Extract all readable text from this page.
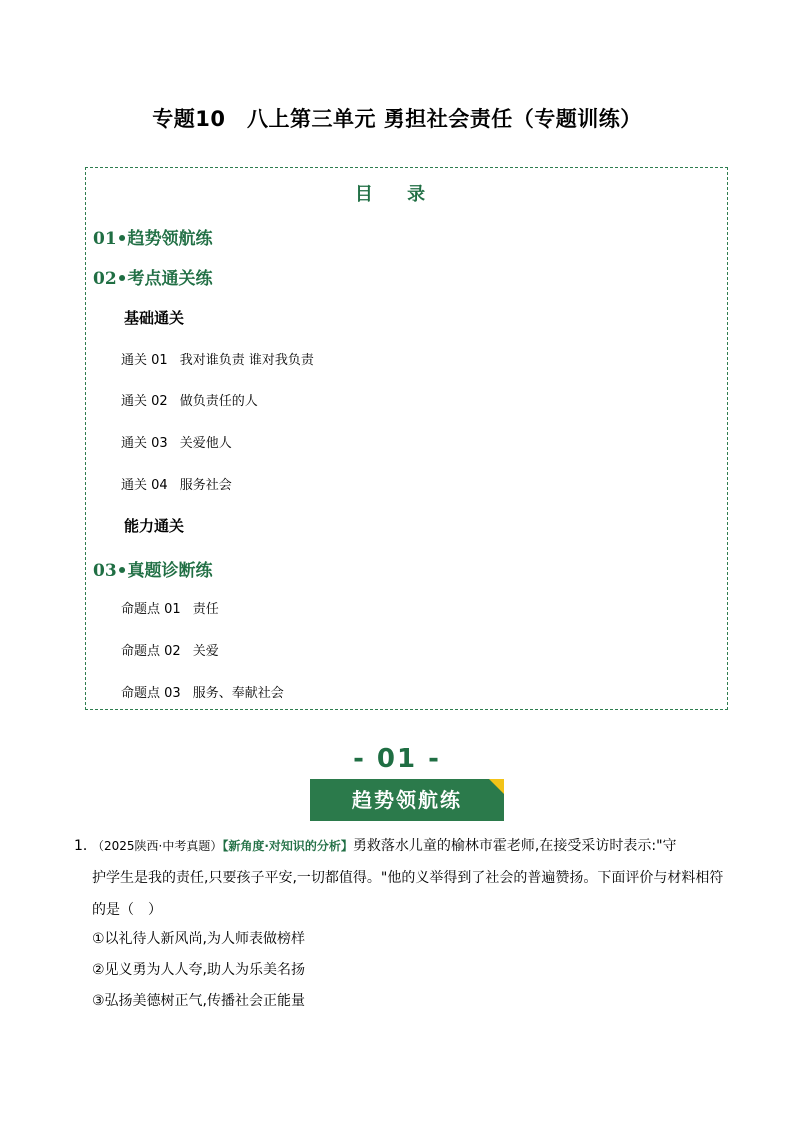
专题10　八上第三单元 勇担社会责任（专题训练）
目 录
01•趋势领航练
02•考点通关练
基础通关
通关 01 我对谁负责 谁对我负责
通关 02 做负责任的人
通关 03 关爱他人
通关 04 服务社会
能力通关
03•真题诊断练
命题点 01 责任
命题点 02 关爱
命题点 03 服务、奉献社会
- 01 -
趋势领航练
1．
（2025陕西·中考真题）【新角度·对知识的分析】勇救落水儿童的榆林市霍老师,在接受采访时表示:"守
护学生是我的责任,只要孩子平安,一切都值得。"他的义举得到了社会的普遍赞扬。下面评价与材料相符
的是（　）
①以礼待人新风尚,为人师表做榜样
②见义勇为人人夸,助人为乐美名扬
③弘扬美德树正气,传播社会正能量
